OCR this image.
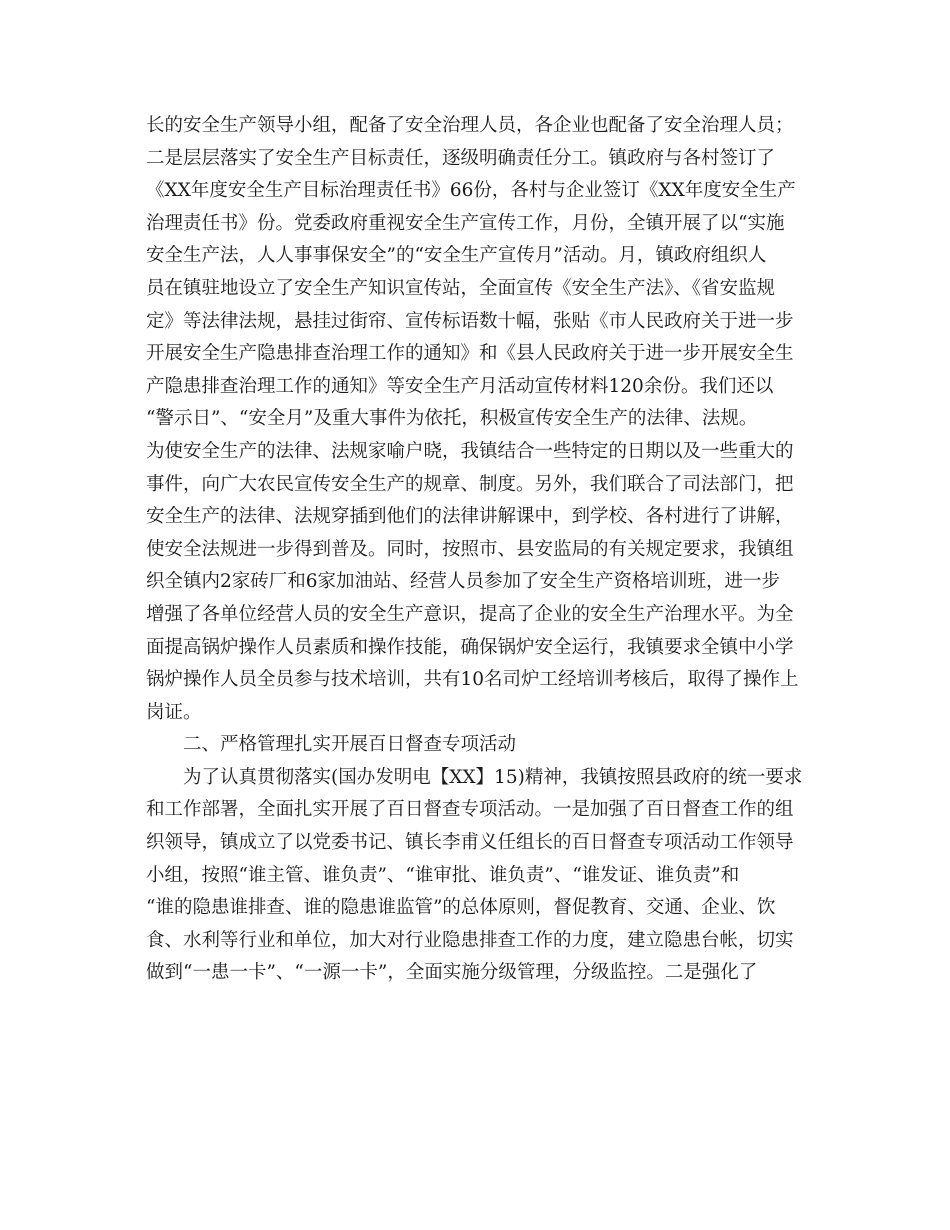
长的安全生产领导小组，配备了安全治理人员，各企业也配备了安全治理人员；
二是层层落实了安全生产目标责任，逐级明确责任分工。镇政府与各村签订了
《XX年度安全生产目标治理责任书》66份，各村与企业签订《XX年度安全生产
治理责任书》份。党委政府重视安全生产宣传工作，月份，全镇开展了以“实施
安全生产法，人人事事保安全”的“安全生产宣传月”活动。月，镇政府组织人
员在镇驻地设立了安全生产知识宣传站，全面宣传《安全生产法》、《省安监规
定》等法律法规，悬挂过街帘、宣传标语数十幅，张贴《市人民政府关于进一步
开展安全生产隐患排查治理工作的通知》和《县人民政府关于进一步开展安全生
产隐患排查治理工作的通知》等安全生产月活动宣传材料120余份。我们还以
“警示日”、“安全月”及重大事件为依托，积极宣传安全生产的法律、法规。
为使安全生产的法律、法规家喻户晓，我镇结合一些特定的日期以及一些重大的
事件，向广大农民宣传安全生产的规章、制度。另外，我们联合了司法部门，把
安全生产的法律、法规穿插到他们的法律讲解课中，到学校、各村进行了讲解，
使安全法规进一步得到普及。同时，按照市、县安监局的有关规定要求，我镇组
织全镇内2家砖厂和6家加油站、经营人员参加了安全生产资格培训班，进一步
增强了各单位经营人员的安全生产意识，提高了企业的安全生产治理水平。为全
面提高锅炉操作人员素质和操作技能，确保锅炉安全运行，我镇要求全镇中小学
锅炉操作人员全员参与技术培训，共有10名司炉工经培训考核后，取得了操作上
岗证。
二、严格管理扎实开展百日督查专项活动
为了认真贯彻落实(国办发明电【XX】15)精神，我镇按照县政府的统一要求
和工作部署，全面扎实开展了百日督查专项活动。一是加强了百日督查工作的组
织领导，镇成立了以党委书记、镇长李甫义任组长的百日督查专项活动工作领导
小组，按照“谁主管、谁负责”、“谁审批、谁负责”、“谁发证、谁负责”和
“谁的隐患谁排查、谁的隐患谁监管”的总体原则，督促教育、交通、企业、饮
食、水利等行业和单位，加大对行业隐患排查工作的力度，建立隐患台帐，切实
做到“一患一卡”、“一源一卡”，全面实施分级管理，分级监控。二是强化了
